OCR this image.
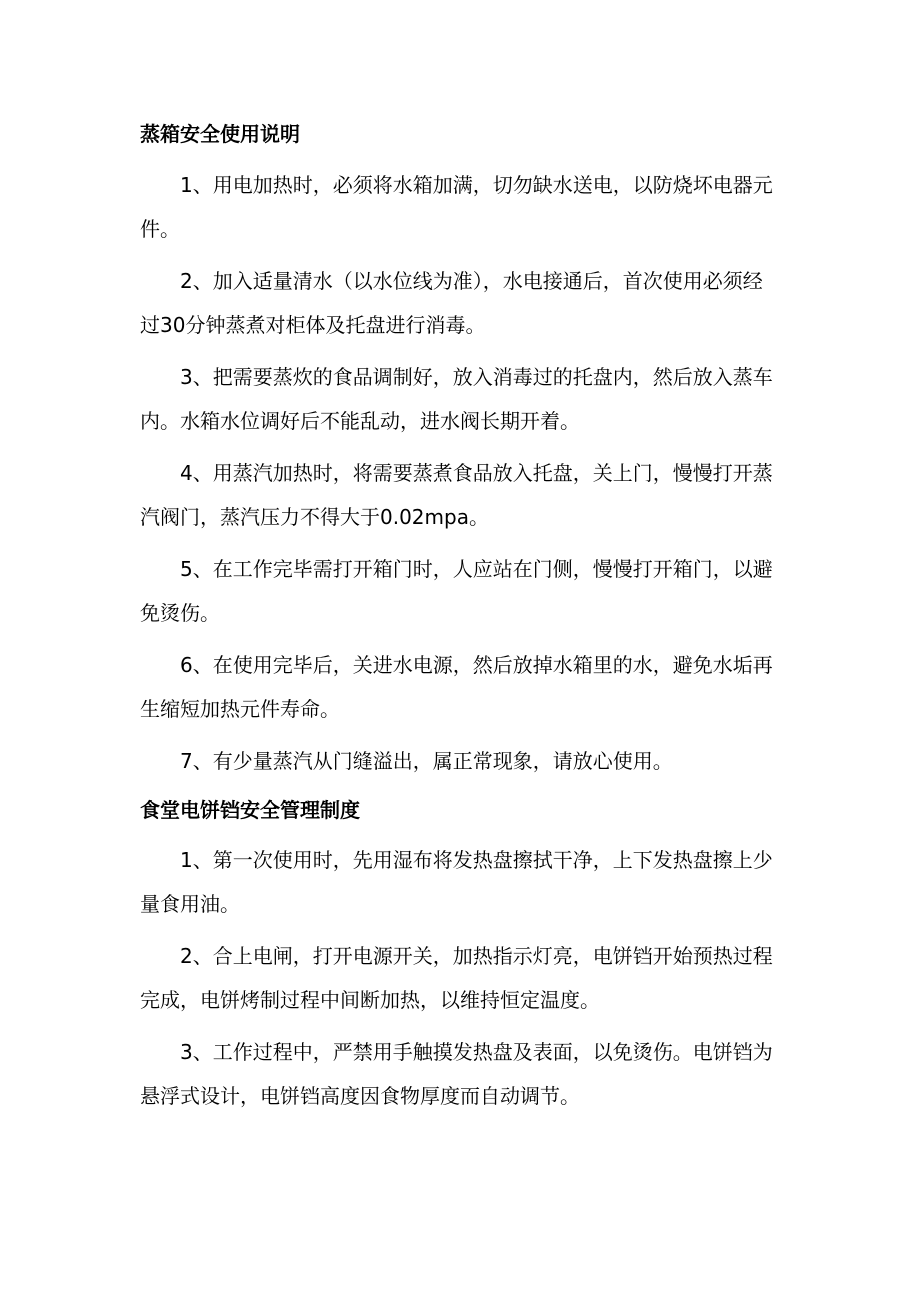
蒸箱安全使用说明

1、用电加热时，必须将水箱加满，切勿缺水送电，以防烧坏电器元件。

2、加入适量清水（以水位线为准），水电接通后，首次使用必须经过30分钟蒸煮对柜体及托盘进行消毒。

3、把需要蒸炊的食品调制好，放入消毒过的托盘内，然后放入蒸车内。水箱水位调好后不能乱动，进水阀长期开着。

4、用蒸汽加热时，将需要蒸煮食品放入托盘，关上门，慢慢打开蒸汽阀门，蒸汽压力不得大于0.02mpa。

5、在工作完毕需打开箱门时，人应站在门侧，慢慢打开箱门，以避免烫伤。

6、在使用完毕后，关进水电源，然后放掉水箱里的水，避免水垢再生缩短加热元件寿命。

7、有少量蒸汽从门缝溢出，属正常现象，请放心使用。

食堂电饼铛安全管理制度

1、第一次使用时，先用湿布将发热盘擦拭干净，上下发热盘擦上少量食用油。

2、合上电闸，打开电源开关，加热指示灯亮，电饼铛开始预热过程完成，电饼烤制过程中间断加热，以维持恒定温度。

3、工作过程中，严禁用手触摸发热盘及表面，以免烫伤。电饼铛为悬浮式设计，电饼铛高度因食物厚度而自动调节。
